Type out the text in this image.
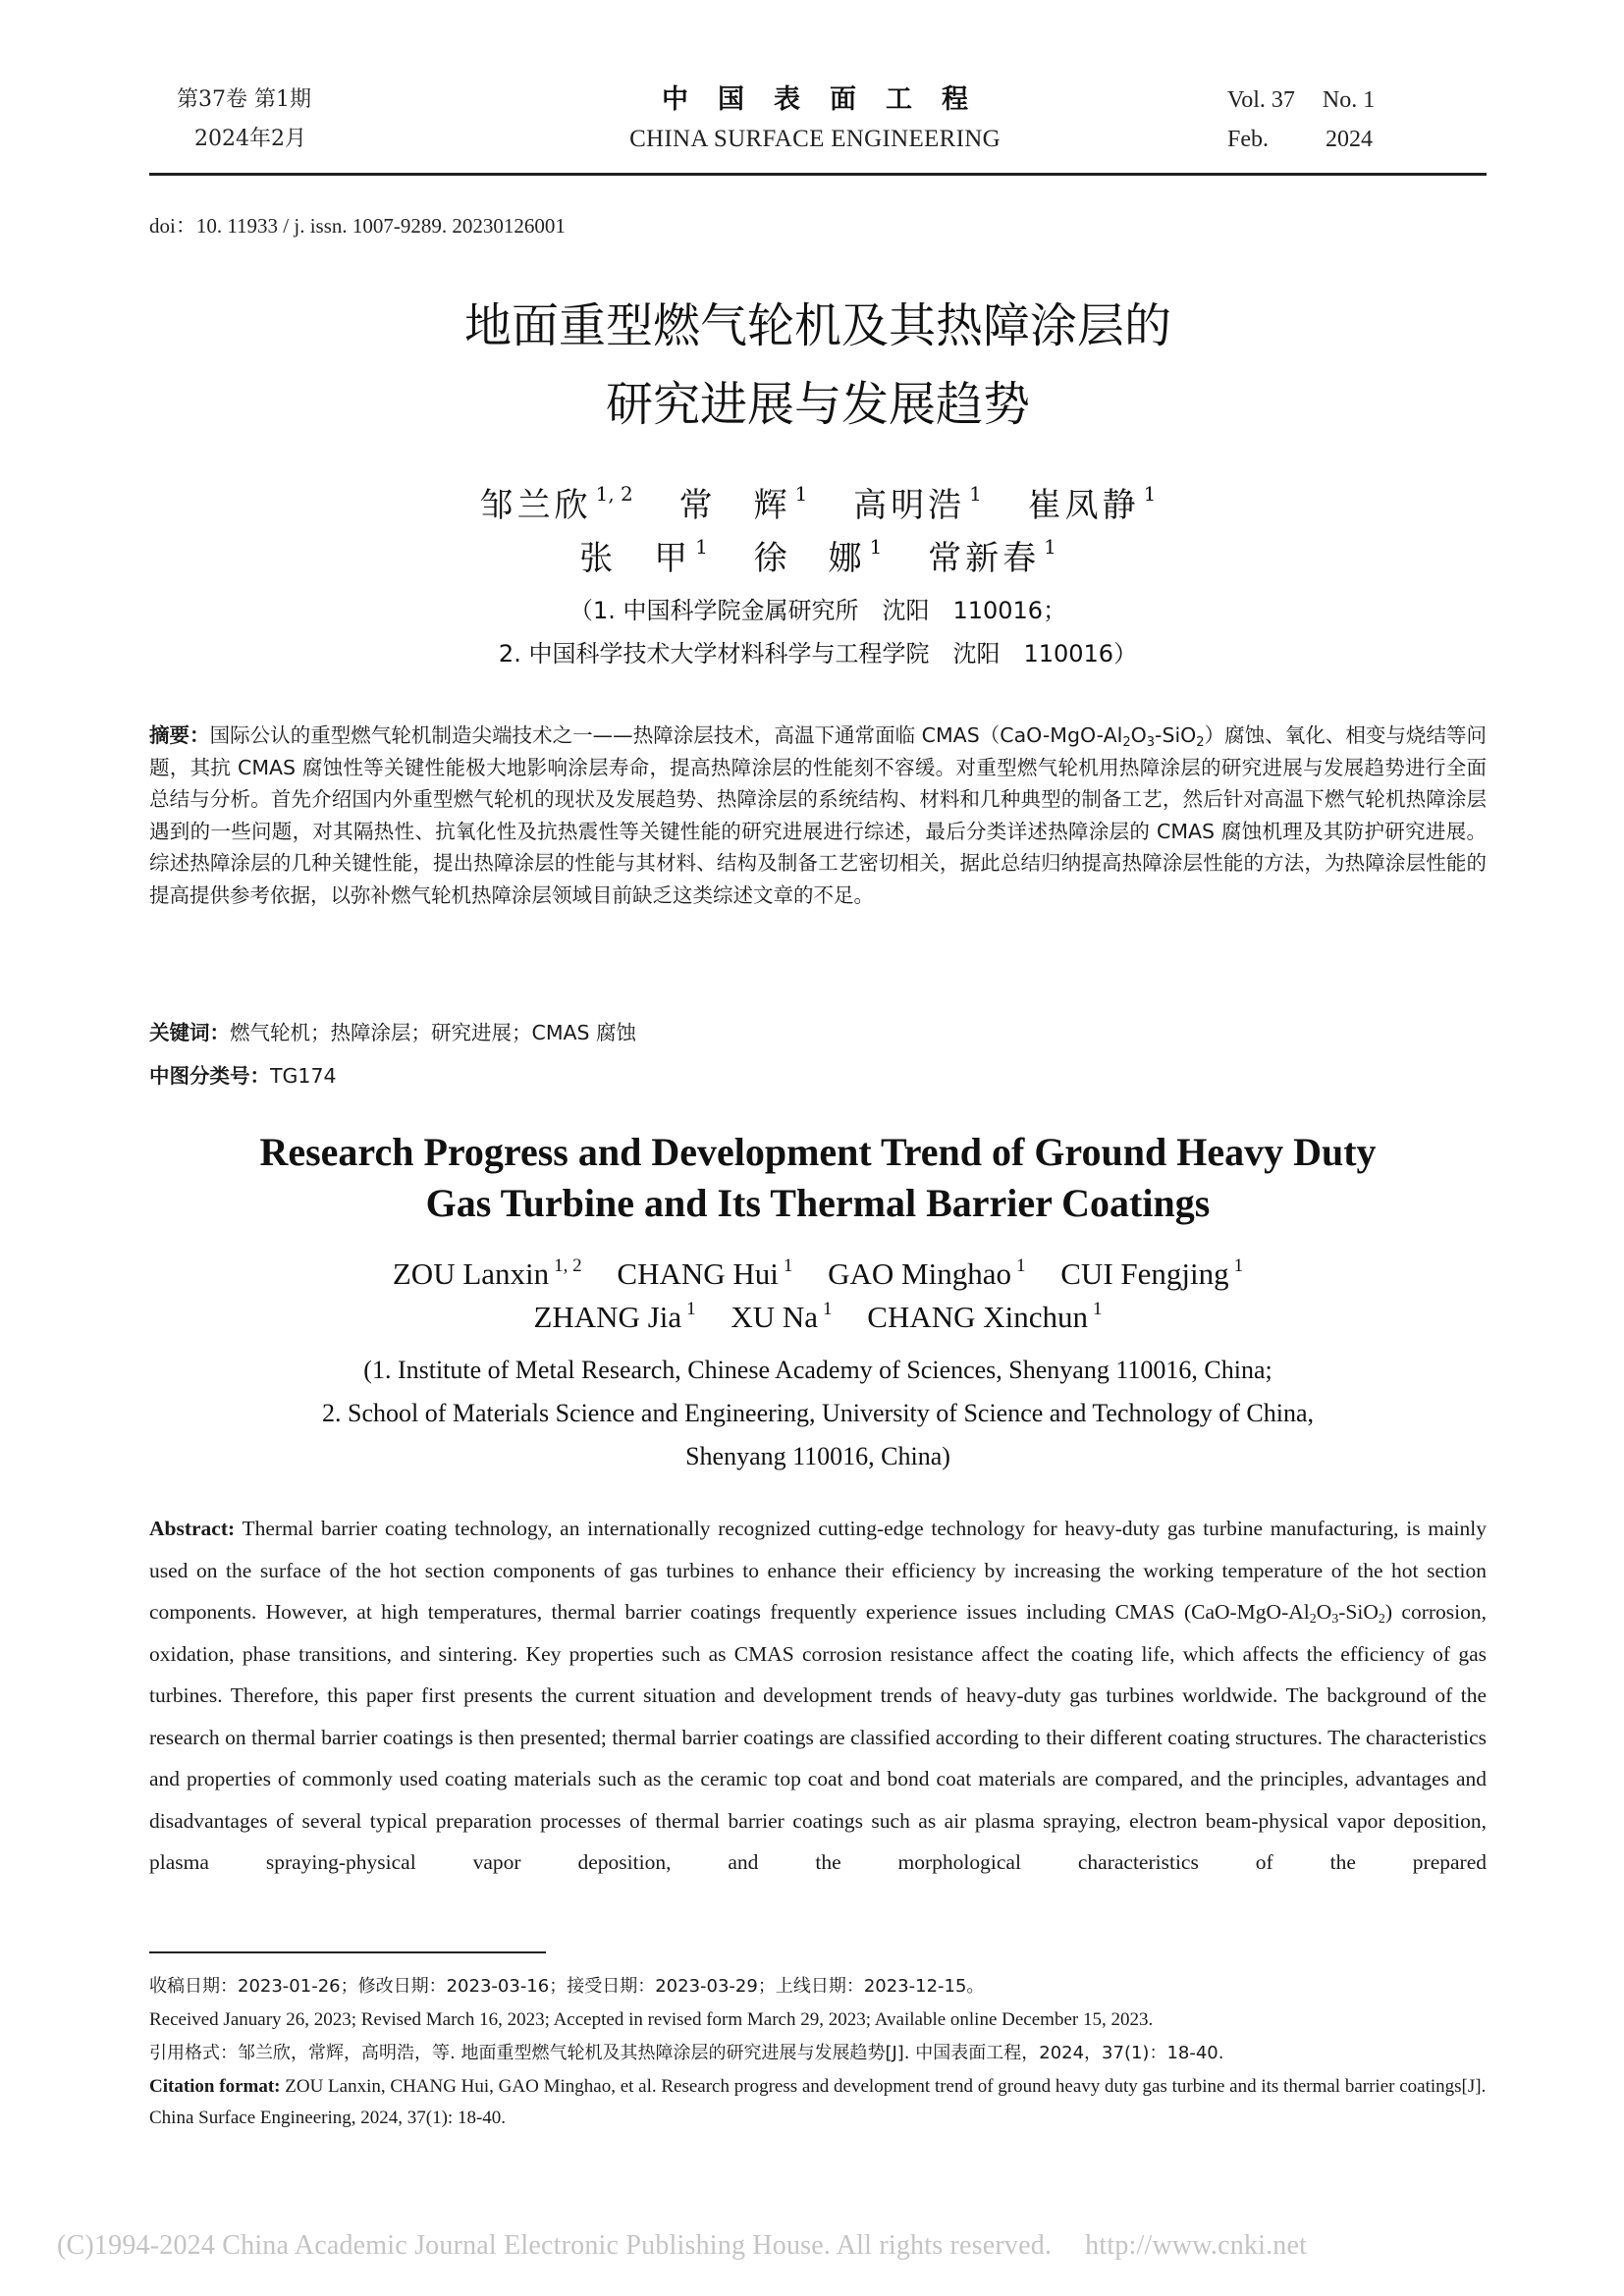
第37卷 第1期
2024年2月
中国表面工程
CHINA SURFACE ENGINEERING
Vol. 37 No. 1
Feb. 2024
doi：10. 11933 / j. issn. 1007-9289. 20230126001
地面重型燃气轮机及其热障涂层的
研究进展与发展趋势
邹兰欣 $^{1, 2}$ 常　辉 $^1$ 高明浩 $^1$ 崔凤静 $^1$
张　甲 $^1$ 徐　娜 $^1$ 常新春 $^1$
（1. 中国科学院金属研究所　沈阳　110016；
2. 中国科学技术大学材料科学与工程学院　沈阳　110016）
摘要：国际公认的重型燃气轮机制造尖端技术之一——热障涂层技术，高温下通常面临 $CMAS(CaO-MgO-Al_2O_3-SiO_2)$腐蚀、氧化、相变与烧结等问题，其抗 CMAS 腐蚀性等关键性能极大地影响涂层寿命，提高热障涂层的性能刻不容缓。对重型燃气轮机用热障涂层的研究进展与发展趋势进行全面总结与分析。首先介绍国内外重型燃气轮机的现状及发展趋势、热障涂层的系统结构、材料和几种典型的制备工艺，然后针对高温下燃气轮机热障涂层遇到的一些问题，对其隔热性、抗氧化性及抗热震性等关键性能的研究进展进行综述，最后分类详述热障涂层的 CMAS 腐蚀机理及其防护研究进展。综述热障涂层的几种关键性能，提出热障涂层的性能与其材料、结构及制备工艺密切相关，据此总结归纳提高热障涂层性能的方法，为热障涂层性能的提高提供参考依据，以弥补燃气轮机热障涂层领域目前缺乏这类综述文章的不足。
关键词：燃气轮机；热障涂层；研究进展；CMAS 腐蚀
中图分类号：TG174
Research Progress and Development Trend of Ground Heavy Duty
Gas Turbine and Its Thermal Barrier Coatings
ZOU Lanxin $^{1, 2}$ CHANG Hui $^1$ GAO Minghao $^1$ CUI Fengjing $^1$
ZHANG Jia $^1$ XU Na $^1$ CHANG Xinchun $^1$
(1. Institute of Metal Research, Chinese Academy of Sciences, Shenyang 110016, China;
2. School of Materials Science and Engineering, University of Science and Technology of China,
Shenyang 110016, China)
Abstract: Thermal barrier coating technology, an internationally recognized cutting-edge technology for heavy-duty gas turbine manufacturing, is mainly used on the surface of the hot section components of gas turbines to enhance their efficiency by increasing the working temperature of the hot section components. However, at high temperatures, thermal barrier coatings frequently experience issues including CMAS $(CaO-MgO-Al_2O_3-SiO_2)$ corrosion, oxidation, phase transitions, and sintering. Key properties such as CMAS corrosion resistance affect the coating life, which affects the efficiency of gas turbines. Therefore, this paper first presents the current situation and development trends of heavy-duty gas turbines worldwide. The background of the research on thermal barrier coatings is then presented; thermal barrier coatings are classified according to their different coating structures. The characteristics and properties of commonly used coating materials such as the ceramic top coat and bond coat materials are compared, and the principles, advantages and disadvantages of several typical preparation processes of thermal barrier coatings such as air plasma spraying, electron beam-physical vapor deposition, plasma spraying-physical vapor deposition, and the morphological characteristics of the prepared
收稿日期：2023-01-26；修改日期：2023-03-16；接受日期：2023-03-29；上线日期：2023-12-15。
Received January 26, 2023; Revised March 16, 2023; Accepted in revised form March 29, 2023; Available online December 15, 2023.
引用格式：邹兰欣，常辉，高明浩，等. 地面重型燃气轮机及其热障涂层的研究进展与发展趋势[J]. 中国表面工程，2024，37(1)：18-40.
Citation format: ZOU Lanxin, CHANG Hui, GAO Minghao, et al. Research progress and development trend of ground heavy duty gas turbine and its thermal barrier coatings[J]. China Surface Engineering, 2024, 37(1): 18-40.
(C)1994-2024 China Academic Journal Electronic Publishing House. All rights reserved. http://www.cnki.net
